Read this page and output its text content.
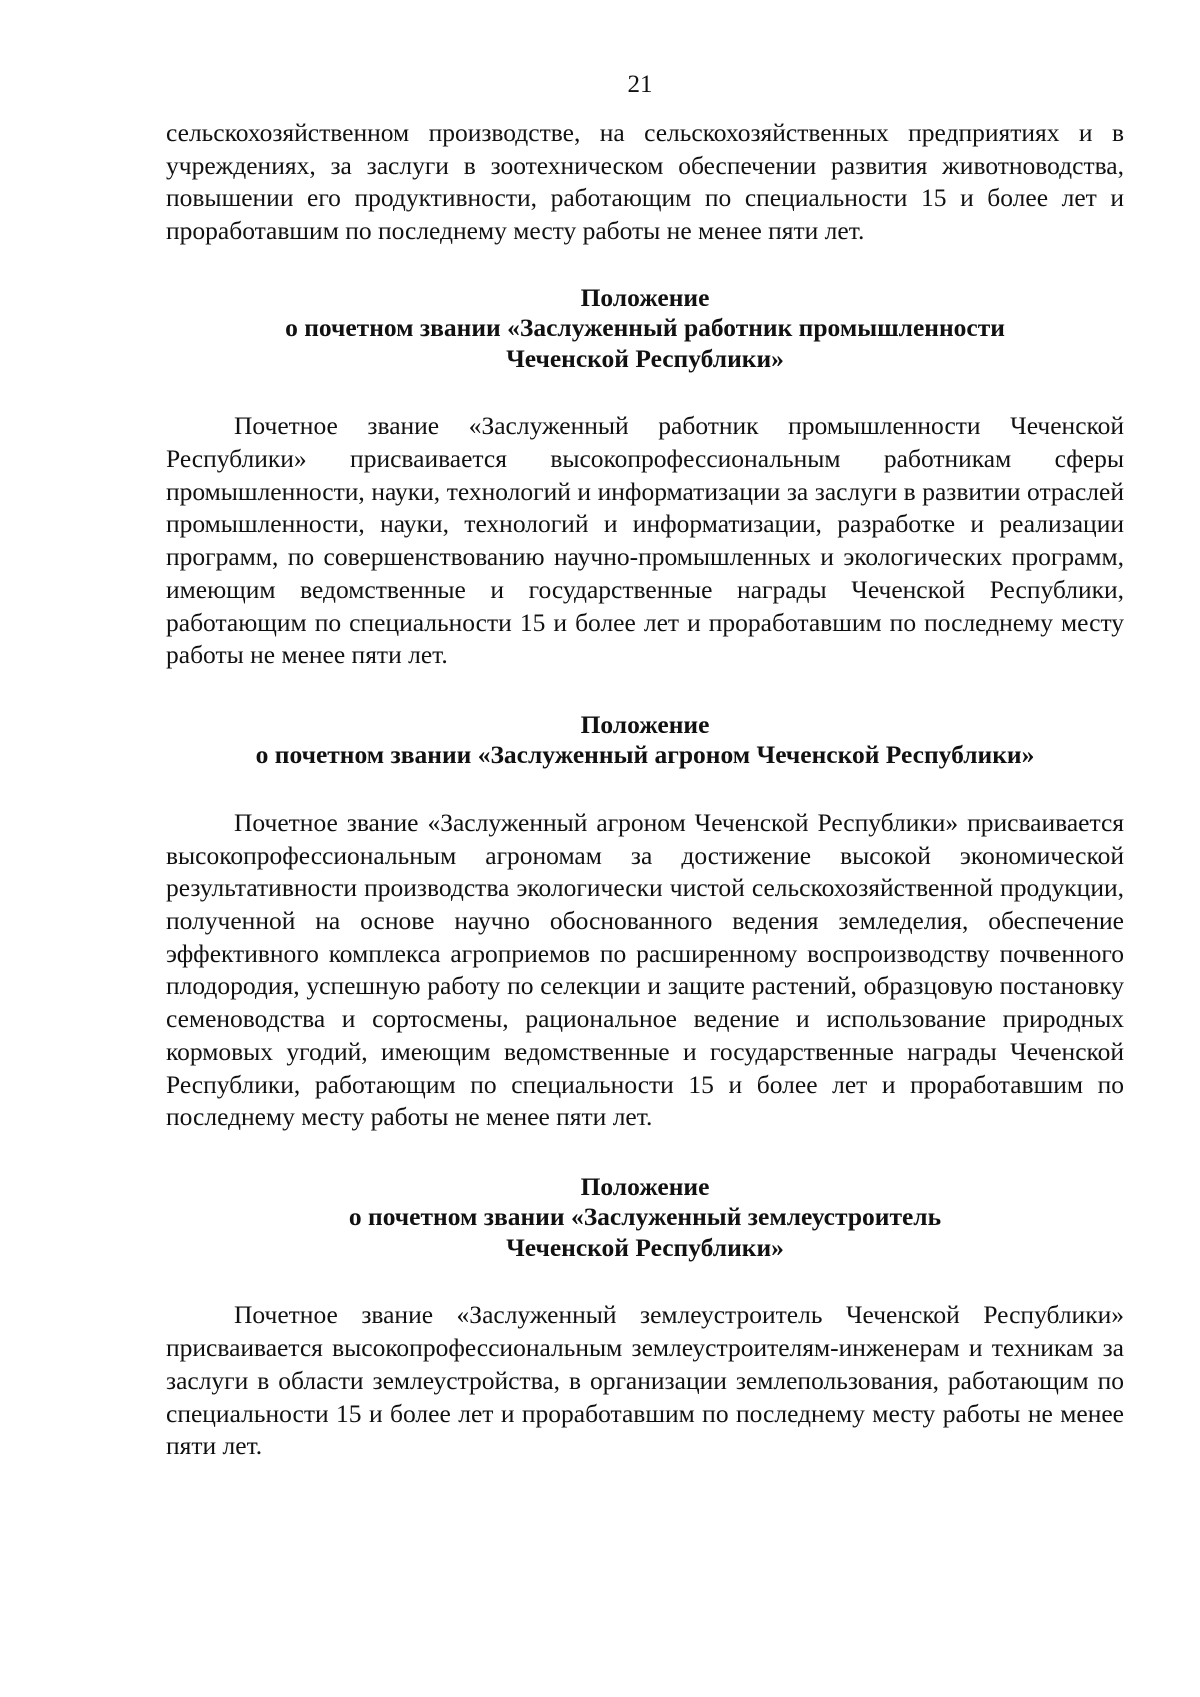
21

сельскохозяйственном производстве, на сельскохозяйственных предприятиях и в учреждениях, за заслуги в зоотехническом обеспечении развития животноводства, повышении его продуктивности, работающим по специальности 15 и более лет и проработавшим по последнему месту работы не менее пяти лет.

Положение
о почетном звании «Заслуженный работник промышленности
Чеченской Республики»

Почетное звание «Заслуженный работник промышленности Чеченской Республики» присваивается высокопрофессиональным работникам сферы промышленности, науки, технологий и информатизации за заслуги в развитии отраслей промышленности, науки, технологий и информатизации, разработке и реализации программ, по совершенствованию научно-промышленных и экологических программ, имеющим ведомственные и государственные награды Чеченской Республики, работающим по специальности 15 и более лет и проработавшим по последнему месту работы не менее пяти лет.

Положение
о почетном звании «Заслуженный агроном Чеченской Республики»

Почетное звание «Заслуженный агроном Чеченской Республики» присваивается высокопрофессиональным агрономам за достижение высокой экономической результативности производства экологически чистой сельскохозяйственной продукции, полученной на основе научно обоснованного ведения земледелия, обеспечение эффективного комплекса агроприемов по расширенному воспроизводству почвенного плодородия, успешную работу по селекции и защите растений, образцовую постановку семеноводства и сортосмены, рациональное ведение и использование природных кормовых угодий, имеющим ведомственные и государственные награды Чеченской Республики, работающим по специальности 15 и более лет и проработавшим по последнему месту работы не менее пяти лет.

Положение
о почетном звании «Заслуженный землеустроитель
Чеченской Республики»

Почетное звание «Заслуженный землеустроитель Чеченской Республики» присваивается высокопрофессиональным землеустроителям-инженерам и техникам за заслуги в области землеустройства, в организации землепользования, работающим по специальности 15 и более лет и проработавшим по последнему месту работы не менее пяти лет.
